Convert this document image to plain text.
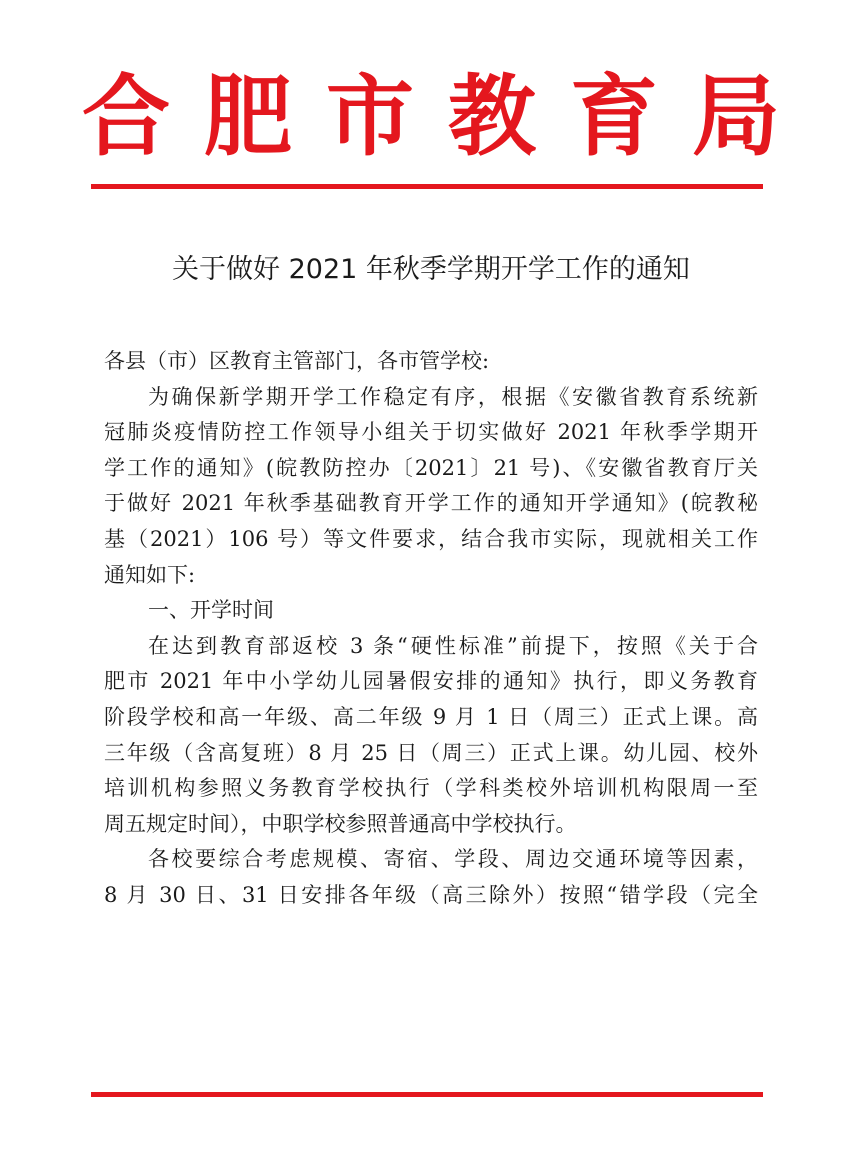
合肥市教育局
关于做好 2021 年秋季学期开学工作的通知
各县（市）区教育主管部门，各市管学校:
为确保新学期开学工作稳定有序，根据《安徽省教育系统新
冠肺炎疫情防控工作领导小组关于切实做好 2021 年秋季学期开
学工作的通知》(皖教防控办〔2021〕21 号)、《安徽省教育厅关
于做好 2021 年秋季基础教育开学工作的通知开学通知》(皖教秘
基（2021）106 号）等文件要求，结合我市实际，现就相关工作
通知如下:
一、开学时间
在达到教育部返校 3 条“硬性标准”前提下，按照《关于合
肥市 2021 年中小学幼儿园暑假安排的通知》执行，即义务教育
阶段学校和高一年级、高二年级 9 月 1 日（周三）正式上课。高
三年级（含高复班）8 月 25 日（周三）正式上课。幼儿园、校外
培训机构参照义务教育学校执行（学科类校外培训机构限周一至
周五规定时间），中职学校参照普通高中学校执行。
各校要综合考虑规模、寄宿、学段、周边交通环境等因素，
8 月 30 日、31 日安排各年级（高三除外）按照“错学段（完全
